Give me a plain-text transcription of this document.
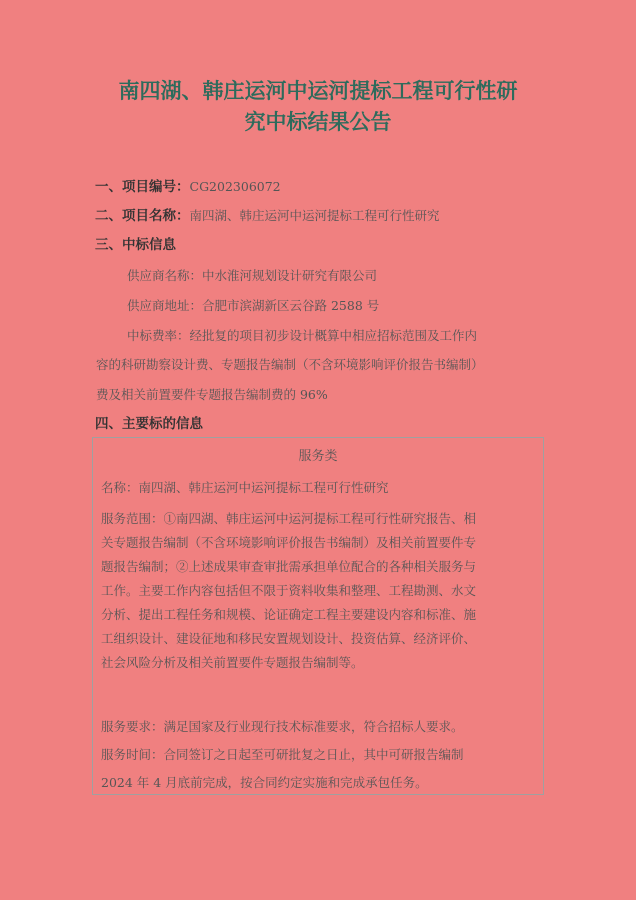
南四湖、韩庄运河中运河提标工程可行性研
究中标结果公告
一、项目编号：CG202306072
二、项目名称：南四湖、韩庄运河中运河提标工程可行性研究
三、中标信息
供应商名称：中水淮河规划设计研究有限公司
供应商地址：合肥市滨湖新区云谷路 2588 号
中标费率：经批复的项目初步设计概算中相应招标范围及工作内
容的科研勘察设计费、专题报告编制（不含环境影响评价报告书编制）
费及相关前置要件专题报告编制费的 96%
四、主要标的信息
服务类
名称：南四湖、韩庄运河中运河提标工程可行性研究
服务范围：①南四湖、韩庄运河中运河提标工程可行性研究报告、相
关专题报告编制（不含环境影响评价报告书编制）及相关前置要件专
题报告编制；②上述成果审查审批需承担单位配合的各种相关服务与
工作。主要工作内容包括但不限于资料收集和整理、工程勘测、水文
分析、提出工程任务和规模、论证确定工程主要建设内容和标准、施
工组织设计、建设征地和移民安置规划设计、投资估算、经济评价、
社会风险分析及相关前置要件专题报告编制等。
服务要求：满足国家及行业现行技术标准要求，符合招标人要求。
服务时间：合同签订之日起至可研批复之日止，其中可研报告编制
2024 年 4 月底前完成，按合同约定实施和完成承包任务。
